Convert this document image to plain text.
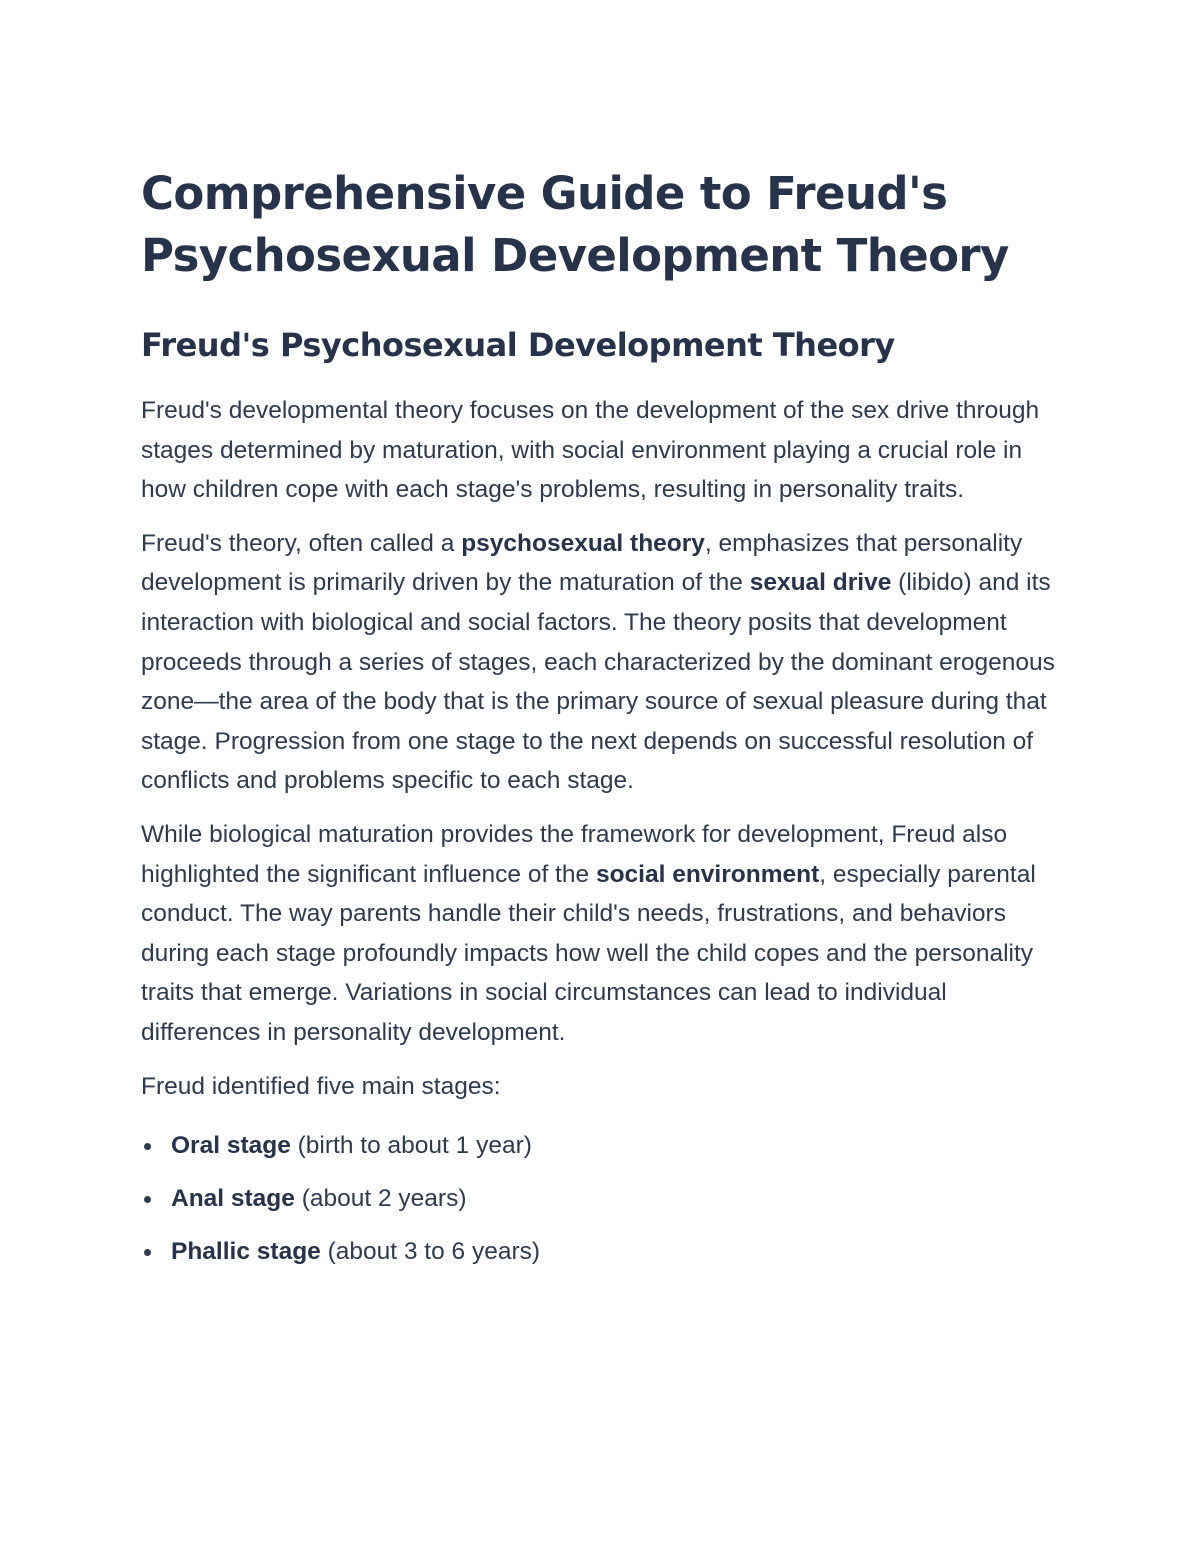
Comprehensive Guide to Freud's Psychosexual Development Theory
Freud's Psychosexual Development Theory

Freud's developmental theory focuses on the development of the sex drive through stages determined by maturation, with social environment playing a crucial role in how children cope with each stage's problems, resulting in personality traits.

Freud's theory, often called a psychosexual theory, emphasizes that personality development is primarily driven by the maturation of the sexual drive (libido) and its interaction with biological and social factors. The theory posits that development proceeds through a series of stages, each characterized by the dominant erogenous zone—the area of the body that is the primary source of sexual pleasure during that stage. Progression from one stage to the next depends on successful resolution of conflicts and problems specific to each stage.

While biological maturation provides the framework for development, Freud also highlighted the significant influence of the social environment, especially parental conduct. The way parents handle their child's needs, frustrations, and behaviors during each stage profoundly impacts how well the child copes and the personality traits that emerge. Variations in social circumstances can lead to individual differences in personality development.

Freud identified five main stages:

Oral stage (birth to about 1 year)
Anal stage (about 2 years)
Phallic stage (about 3 to 6 years)
